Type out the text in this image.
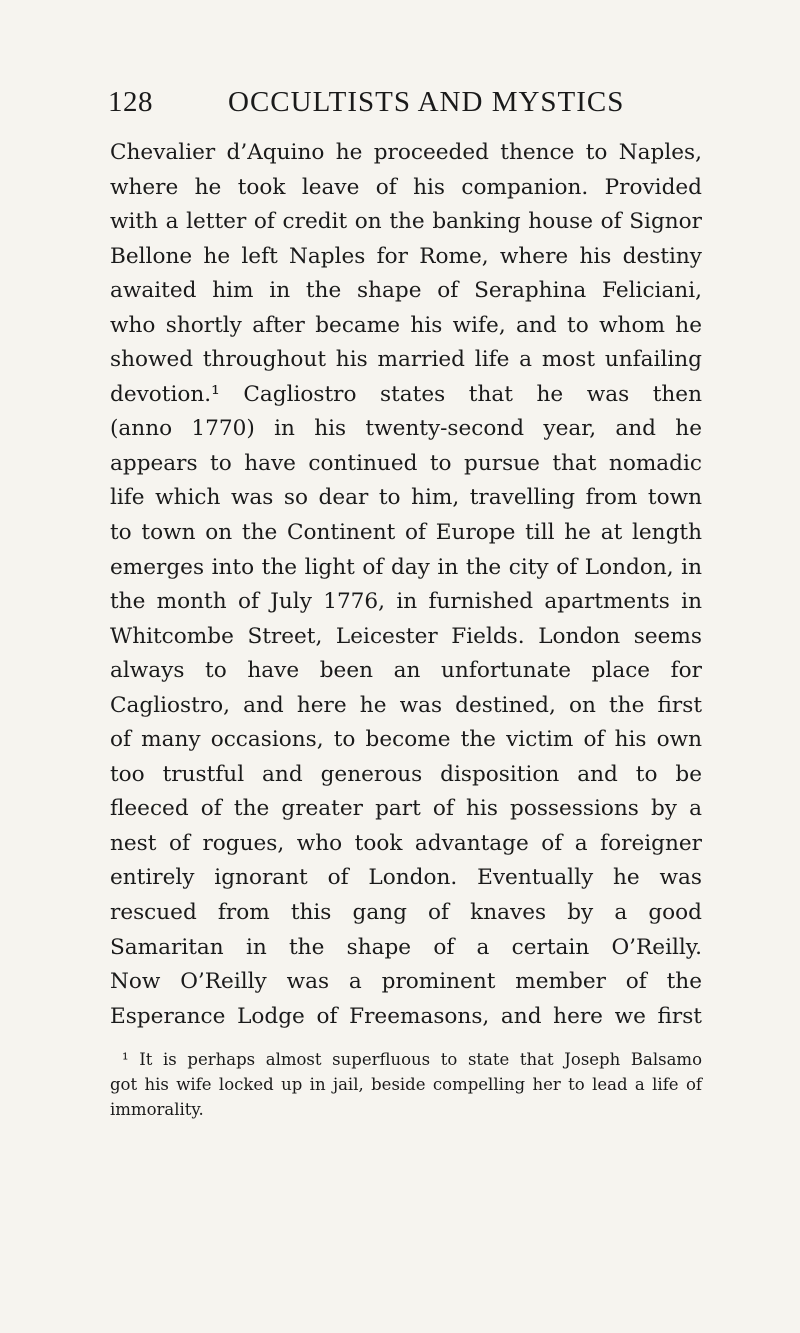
128	OCCULTISTS AND MYSTICS
Chevalier d’Aquino he proceeded thence to Naples,
where he took leave of his companion. Provided
with a letter of credit on the banking house of Signor
Bellone he left Naples for Rome, where his destiny
awaited him in the shape of Seraphina Feliciani,
who shortly after became his wife, and to whom he
showed throughout his married life a most unfailing
devotion.¹ Cagliostro states that he was then
(anno 1770) in his twenty-second year, and he
appears to have continued to pursue that nomadic
life which was so dear to him, travelling from town
to town on the Continent of Europe till he at length
emerges into the light of day in the city of London, in
the month of July 1776, in furnished apartments in
Whitcombe Street, Leicester Fields. London seems
always to have been an unfortunate place for
Cagliostro, and here he was destined, on the first
of many occasions, to become the victim of his own
too trustful and generous disposition and to be
fleeced of the greater part of his possessions by a
nest of rogues, who took advantage of a foreigner
entirely ignorant of London. Eventually he was
rescued from this gang of knaves by a good
Samaritan in the shape of a certain O’Reilly.
Now O’Reilly was a prominent member of the
Esperance Lodge of Freemasons, and here we first
¹ It is perhaps almost superfluous to state that Joseph Balsamo
got his wife locked up in jail, beside compelling her to lead a life of
immorality.
